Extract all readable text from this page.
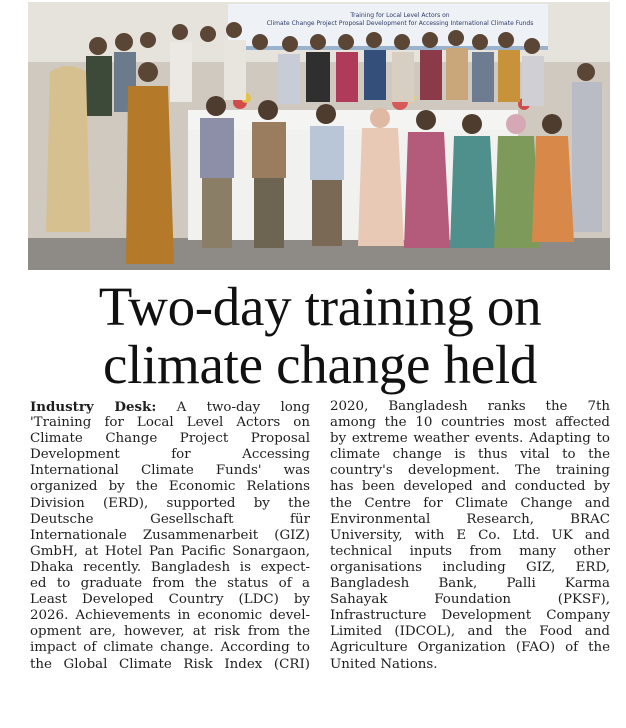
Training for Local Level Actors on
Climate Change Project Proposal Development for Accessing International Climate Funds
Two-day training on
climate change held
Industry Desk: A two-day long
'Training for Local Level Actors on
Climate Change Project Proposal
Development for Accessing
International Climate Funds' was
organized by the Economic Relations
Division (ERD), supported by the
Deutsche Gesellschaft für
Internationale Zusammenarbeit (GIZ)
GmbH, at Hotel Pan Pacific Sonargaon,
Dhaka recently. Bangladesh is expect-
ed to graduate from the status of a
Least Developed Country (LDC) by
2026. Achievements in economic devel-
opment are, however, at risk from the
impact of climate change. According to
the Global Climate Risk Index (CRI)
2020, Bangladesh ranks the 7th
among the 10 countries most affected
by extreme weather events. Adapting to
climate change is thus vital to the
country's development. The training
has been developed and conducted by
the Centre for Climate Change and
Environmental Research, BRAC
University, with E Co. Ltd. UK and
technical inputs from many other
organisations including GIZ, ERD,
Bangladesh Bank, Palli Karma
Sahayak Foundation (PKSF),
Infrastructure Development Company
Limited (IDCOL), and the Food and
Agriculture Organization (FAO) of the
United Nations.
